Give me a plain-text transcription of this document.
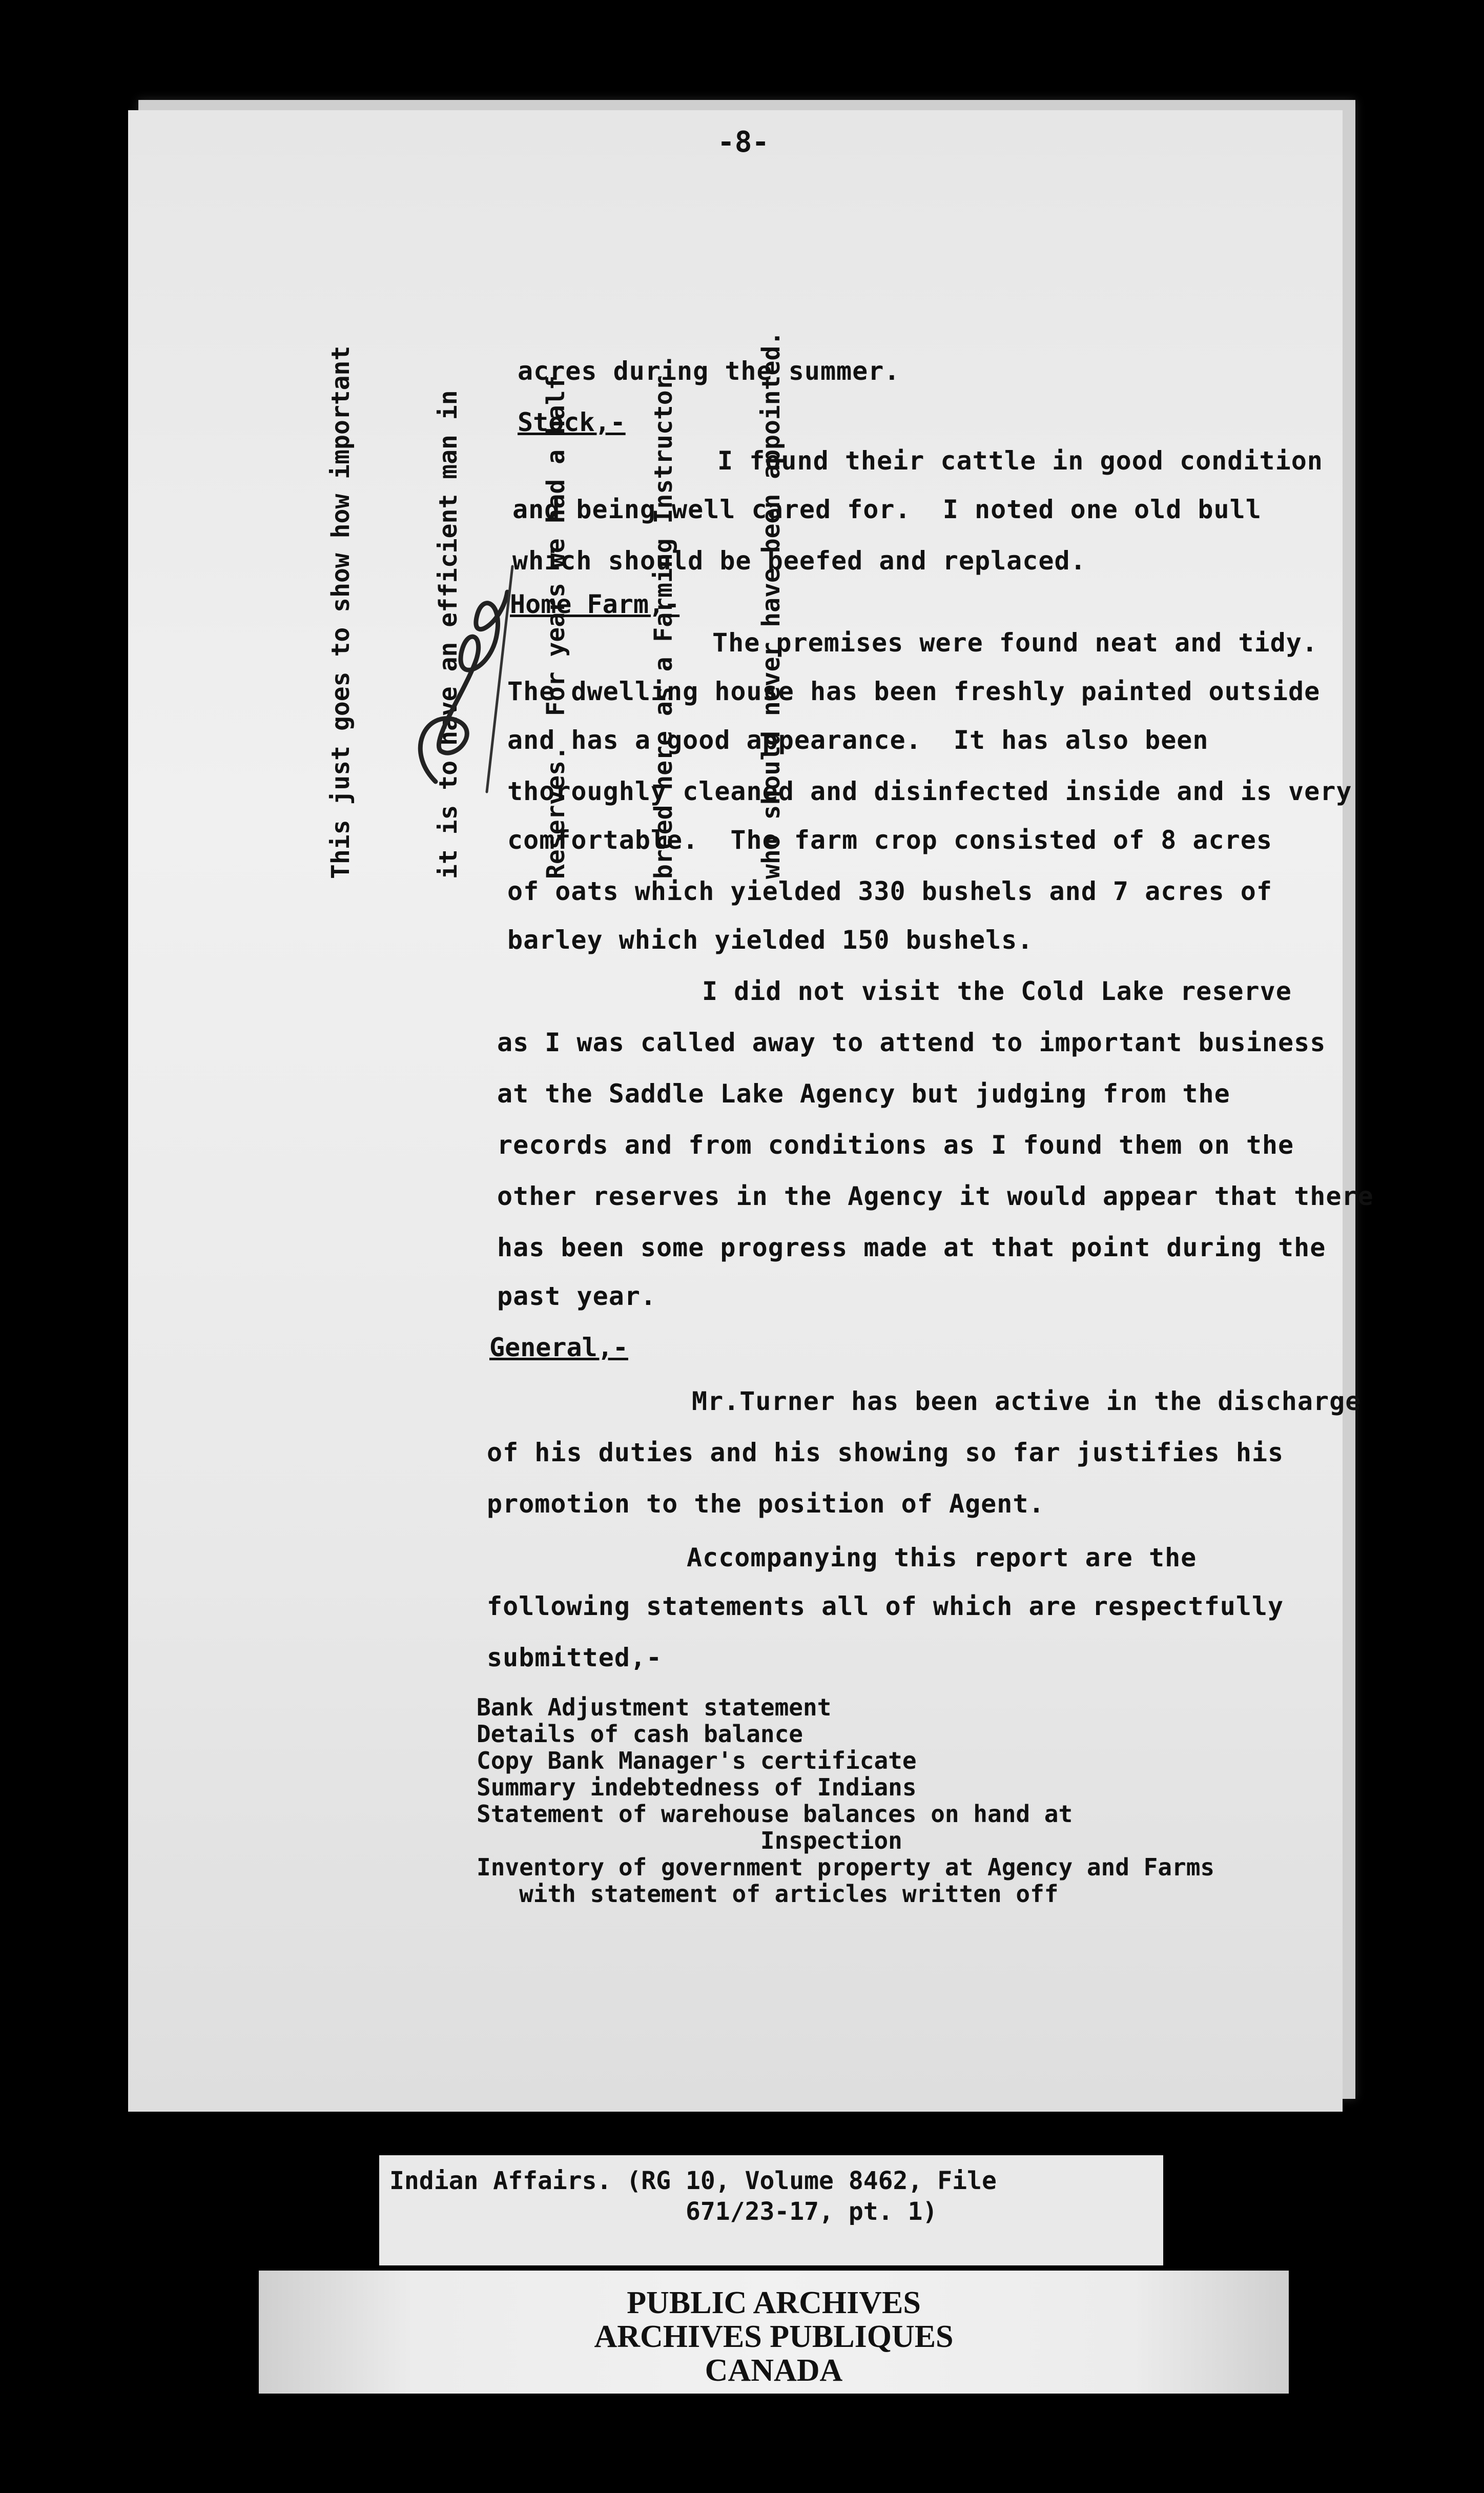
-8-

This just goes to show how important

	it is to have an efficient man in

	Reserves.  For years we had a half

	breed here as a Farming Instructor

	who should never have been appointed.

acres during the summer.
Stock,-
I found their cattle in good condition
and being well cared for.  I noted one old bull
which should be beefed and replaced.
Home Farm,-
The premises were found neat and tidy.
The dwelling house has been freshly painted outside
and has a good appearance.  It has also been
thoroughly cleaned and disinfected inside and is very
comfortable.  The farm crop consisted of 8 acres
of oats which yielded 330 bushels and 7 acres of
barley which yielded 150 bushels.
I did not visit the Cold Lake reserve
as I was called away to attend to important business
at the Saddle Lake Agency but judging from the
records and from conditions as I found them on the
other reserves in the Agency it would appear that there
has been some progress made at that point during the
past year.
General,-
Mr.Turner has been active in the discharge
of his duties and his showing so far justifies his
promotion to the position of Agent.
Accompanying this report are the
following statements all of which are respectfully
submitted,-
Bank Adjustment statement
Details of cash balance
Copy Bank Manager's certificate
Summary indebtedness of Indians
Statement of warehouse balances on hand at
Inspection
Inventory of government property at Agency and Farms
with statement of articles written off
Indian Affairs. (RG 10, Volume 8462, File
671/23-17, pt. 1)
PUBLIC ARCHIVES
ARCHIVES PUBLIQUES
CANADA
